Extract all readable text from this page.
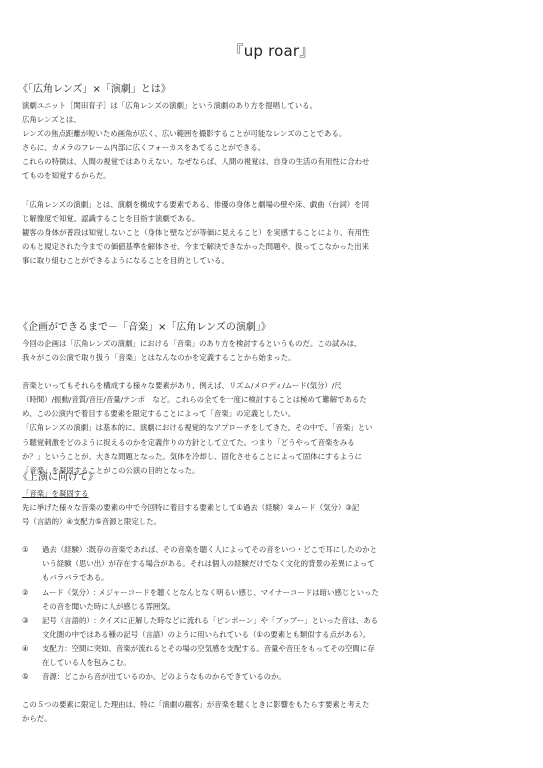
『up roar』
《「広角レンズ」×「演劇」とは》

演劇ユニット［関田育子］は「広角レンズの演劇」という演劇のあり方を提唱している。

広角レンズとは、

レンズの焦点距離が短いため画角が広く、広い範囲を撮影することが可能なレンズのことである。

さらに、カメラのフレーム内部に広くフォーカスをあてることができる。

これらの特徴は、人間の視覚ではありえない。なぜならば、人間の視覚は、自身の生活の有用性に合わせ

てものを知覚するからだ。

「広角レンズの演劇」とは、演劇を構成する要素である、俳優の身体と劇場の壁や床、戯曲（台詞）を同

じ解像度で知覚、認識することを目指す演劇である。

観客の身体が普段は知覚しないこと（身体と壁などが等価に見えること）を実感することにより、有用性

のもと規定された今までの価値基準を解体させ、今まで解決できなかった問題や、扱ってこなかった出来

事に取り組むことができるようになることを目的としている。

《企画ができるまで－「音楽」×「広角レンズの演劇」》

今回の企画は「広角レンズの演劇」における「音楽」のあり方を検討するというものだ。この試みは、

我々がこの公演で取り扱う「音楽」とはなんなのかを定義することから始まった。

音楽といってもそれらを構成する様々な要素があり、例えば、リズム/メロディ/ムード(気分）/尺

（時間）/振動/音質/音圧/音量/テンポ　など。これらの全てを一度に検討することは極めて難解であるた

め、この公演内で着目する要素を限定することによって「音楽」の定義としたい。

「広角レンズの演劇」は基本的に、演劇における視覚的なアプローチをしてきた。その中で、「音楽」とい

う聴覚刺激をどのように捉えるのかを定義作りの方針として立てた。つまり「どうやって音楽をみる

か？」ということが、大きな問題となった。気体を冷却し、固化させることによって固体にするように

「音楽」を凝固することがこの公演の目的となった。

《上演に向けて》

「音楽」を凝固する

先に挙げた様々な音楽の要素の中で今回特に着目する要素として①過去（経験）②ムード（気分）③記

号（言語的）④支配力⑤音源と限定した。

①	過去（経験）:既存の音楽であれば、その音楽を聴く人によってその音をいつ・どこで耳にしたのかと

いう経験（思い出）が存在する場合がある。それは個人の経験だけでなく文化的背景の差異によって

もバラバラである。

②	ムード（気分）: メジャーコードを聴くとなんとなく明るい感じ、マイナーコードは暗い感じといった

その音を聞いた時に人が感じる雰囲気。

③	記号（言語的）: クイズに正解した時などに流れる「ピンポーン」や「ブッブー」といった音は、ある

文化圏の中ではある種の記号（言語）のように用いられている（①の要素とも類似する点がある）。

④	支配力：空間に突如、音楽が流れるとその場の空気感を支配する。音量や音圧をもってその空間に存

在している人を包みこむ。

⑤	音源：どこから音が出ているのか。どのようなものからできているのか。

この５つの要素に限定した理由は、特に「演劇の観客」が音楽を聴くときに影響をもたらす要素と考えた

からだ。
